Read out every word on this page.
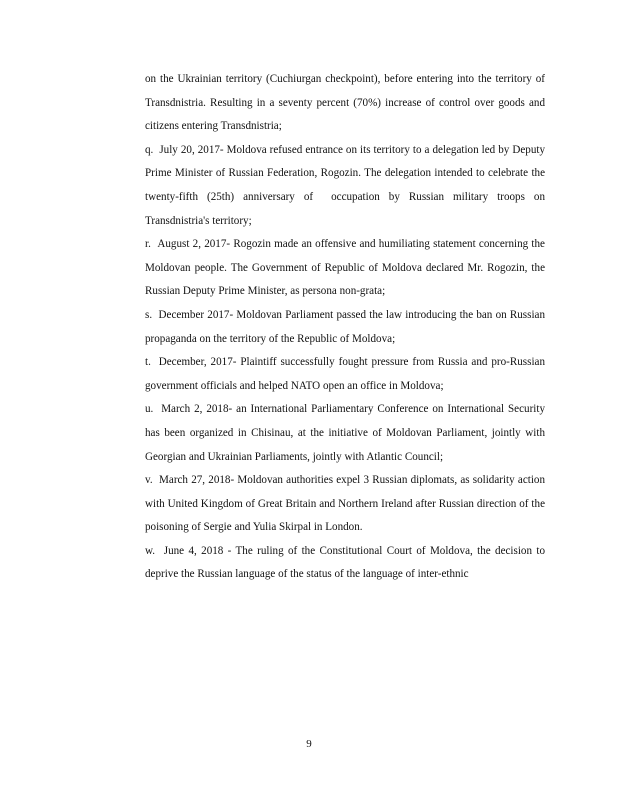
on the Ukrainian territory (Cuchiurgan checkpoint), before entering into the territory of Transdnistria. Resulting in a seventy percent (70%) increase of control over goods and citizens entering Transdnistria;

q.  July 20, 2017- Moldova refused entrance on its territory to a delegation led by Deputy Prime Minister of Russian Federation, Rogozin. The delegation intended to celebrate the twenty-fifth (25th) anniversary of  occupation by Russian military troops on Transdnistria's territory;

r.  August 2, 2017- Rogozin made an offensive and humiliating statement concerning the Moldovan people. The Government of Republic of Moldova declared Mr. Rogozin, the Russian Deputy Prime Minister, as persona non-grata;

s.  December 2017- Moldovan Parliament passed the law introducing the ban on Russian propaganda on the territory of the Republic of Moldova;

t.  December, 2017- Plaintiff successfully fought pressure from Russia and pro-Russian government officials and helped NATO open an office in Moldova;

u.  March 2, 2018- an International Parliamentary Conference on International Security has been organized in Chisinau, at the initiative of Moldovan Parliament, jointly with Georgian and Ukrainian Parliaments, jointly with Atlantic Council;

v.  March 27, 2018- Moldovan authorities expel 3 Russian diplomats, as solidarity action with United Kingdom of Great Britain and Northern Ireland after Russian direction of the poisoning of Sergie and Yulia Skirpal in London.

w.  June 4, 2018 - The ruling of the Constitutional Court of Moldova, the decision to deprive the Russian language of the status of the language of inter-ethnic

9
